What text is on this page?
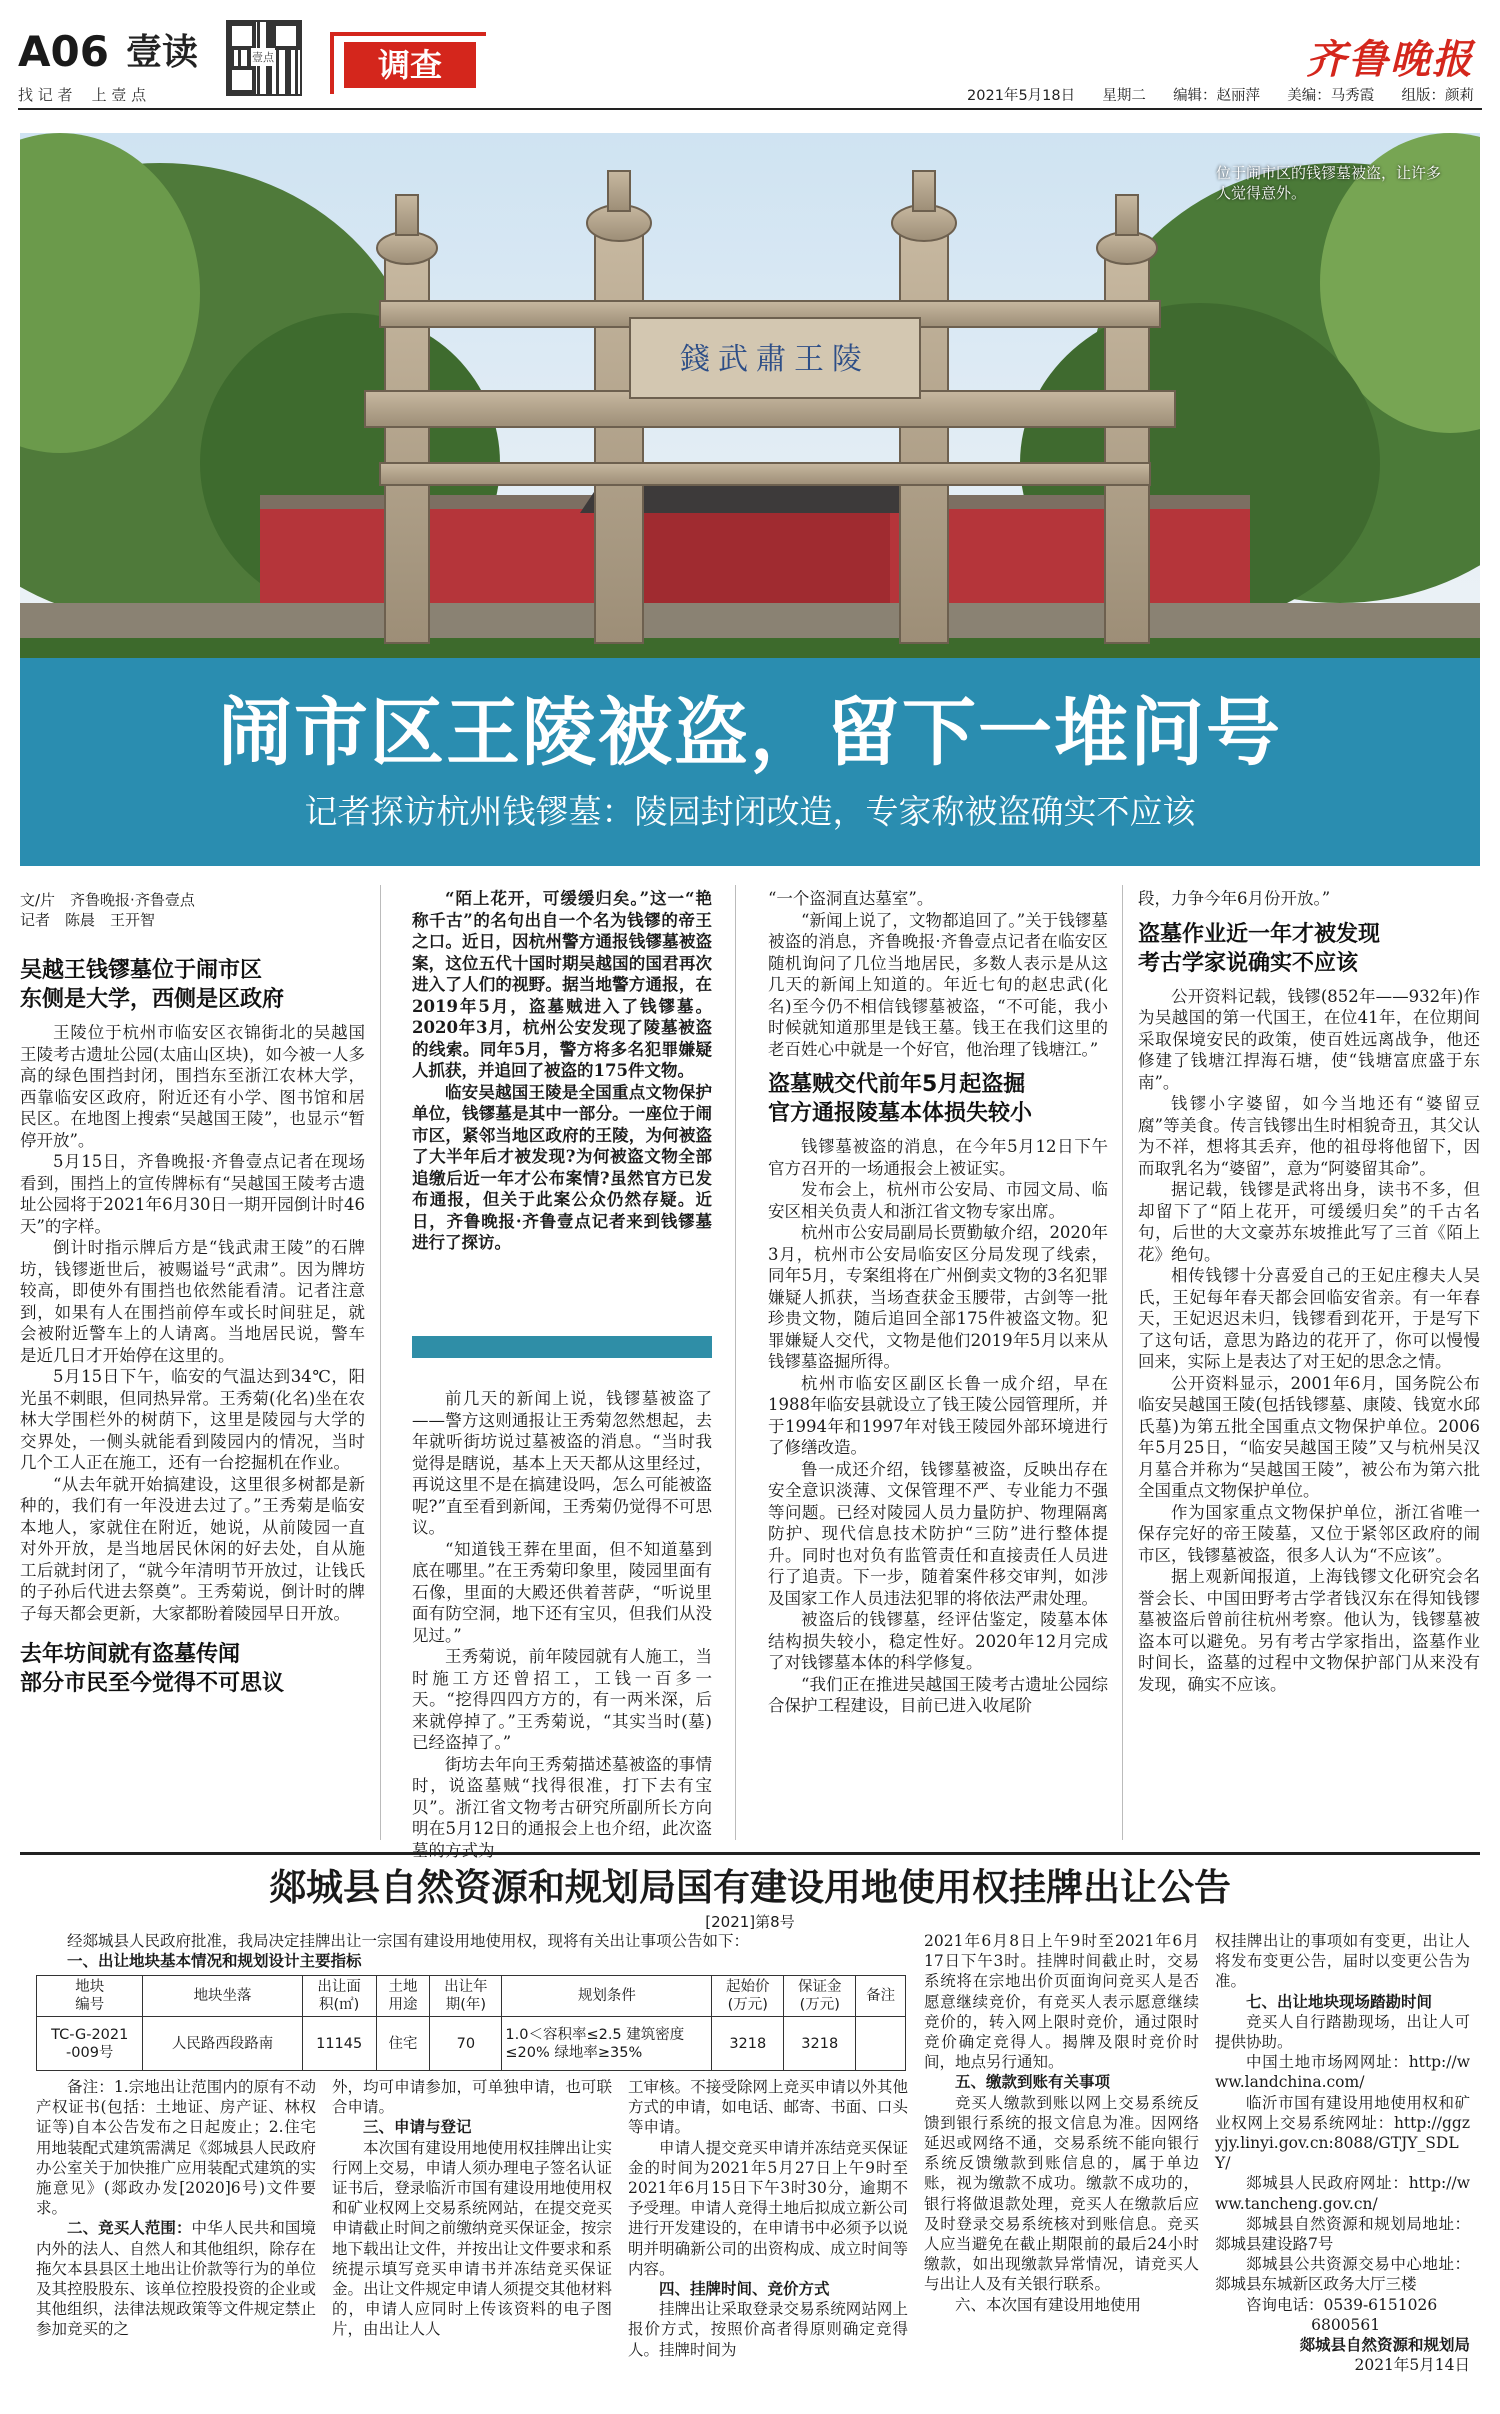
A06 壹读
找 记 者    上 壹 点
壹点	调查	齐鲁晚报
2021年5月18日 星期二 编辑：赵丽萍 美编：马秀霞 组版：颜莉
錢武肅王陵
位于闹市区的钱镠墓被盗，让许多人觉得意外。
闹市区王陵被盗，留下一堆问号
记者探访杭州钱镠墓：陵园封闭改造，专家称被盗确实不应该

文/片　齐鲁晚报·齐鲁壹点

记者　陈晨　王开智

吴越王钱镠墓位于闹市区
东侧是大学，西侧是区政府

王陵位于杭州市临安区衣锦街北的吴越国王陵考古遗址公园(太庙山区块)，如今被一人多高的绿色围挡封闭，围挡东至浙江农林大学，西靠临安区政府，附近还有小学、图书馆和居民区。在地图上搜索“吴越国王陵”，也显示“暂停开放”。

5月15日，齐鲁晚报·齐鲁壹点记者在现场看到，围挡上的宣传牌标有“吴越国王陵考古遗址公园将于2021年6月30日一期开园倒计时46天”的字样。

倒计时指示牌后方是“钱武肃王陵”的石牌坊，钱镠逝世后，被赐谥号“武肃”。因为牌坊较高，即使外有围挡也依然能看清。记者注意到，如果有人在围挡前停车或长时间驻足，就会被附近警车上的人请离。当地居民说，警车是近几日才开始停在这里的。

5月15日下午，临安的气温达到34℃，阳光虽不刺眼，但同热异常。王秀菊(化名)坐在农林大学围栏外的树荫下，这里是陵园与大学的交界处，一侧头就能看到陵园内的情况，当时几个工人正在施工，还有一台挖掘机在作业。

“从去年就开始搞建设，这里很多树都是新种的，我们有一年没进去过了。”王秀菊是临安本地人，家就住在附近，她说，从前陵园一直对外开放，是当地居民休闲的好去处，自从施工后就封闭了，“就今年清明节开放过，让钱氏的子孙后代进去祭奠”。王秀菊说，倒计时的牌子每天都会更新，大家都盼着陵园早日开放。

去年坊间就有盗墓传闻
部分市民至今觉得不可思议

“陌上花开，可缓缓归矣。”这一“艳称千古”的名句出自一个名为钱镠的帝王之口。近日，因杭州警方通报钱镠墓被盗案，这位五代十国时期吴越国的国君再次进入了人们的视野。据当地警方通报，在2019年5月，盗墓贼进入了钱镠墓。2020年3月，杭州公安发现了陵墓被盗的线索。同年5月，警方将多名犯罪嫌疑人抓获，并追回了被盗的175件文物。

临安吴越国王陵是全国重点文物保护单位，钱镠墓是其中一部分。一座位于闹市区，紧邻当地区政府的王陵，为何被盗了大半年后才被发现?为何被盗文物全部追缴后近一年才公布案情?虽然官方已发布通报，但关于此案公众仍然存疑。近日，齐鲁晚报·齐鲁壹点记者来到钱镠墓进行了探访。

前几天的新闻上说，钱镠墓被盗了——警方这则通报让王秀菊忽然想起，去年就听街坊说过墓被盗的消息。“当时我觉得是瞎说，基本上天天都从这里经过，再说这里不是在搞建设吗，怎么可能被盗呢?”直至看到新闻，王秀菊仍觉得不可思议。

“知道钱王葬在里面，但不知道墓到底在哪里。”在王秀菊印象里，陵园里面有石像，里面的大殿还供着菩萨，“听说里面有防空洞，地下还有宝贝，但我们从没见过。”

王秀菊说，前年陵园就有人施工，当时施工方还曾招工，工钱一百多一天。“挖得四四方方的，有一两米深，后来就停掉了。”王秀菊说，“其实当时(墓)已经盗掉了。”

街坊去年向王秀菊描述墓被盗的事情时，说盗墓贼“找得很准，打下去有宝贝”。浙江省文物考古研究所副所长方向明在5月12日的通报会上也介绍，此次盗墓的方式为

“一个盗洞直达墓室”。

“新闻上说了，文物都追回了。”关于钱镠墓被盗的消息，齐鲁晚报·齐鲁壹点记者在临安区随机询问了几位当地居民，多数人表示是从这几天的新闻上知道的。年近七旬的赵忠武(化名)至今仍不相信钱镠墓被盗，“不可能，我小时候就知道那里是钱王墓。钱王在我们这里的老百姓心中就是一个好官，他治理了钱塘江。”

盗墓贼交代前年5月起盗掘
官方通报陵墓本体损失较小

钱镠墓被盗的消息，在今年5月12日下午官方召开的一场通报会上被证实。

发布会上，杭州市公安局、市园文局、临安区相关负责人和浙江省文物专家出席。

杭州市公安局副局长贾勤敏介绍，2020年3月，杭州市公安局临安区分局发现了线索，同年5月，专案组将在广州倒卖文物的3名犯罪嫌疑人抓获，当场查获金玉腰带，古剑等一批珍贵文物，随后追回全部175件被盗文物。犯罪嫌疑人交代，文物是他们2019年5月以来从钱镠墓盗掘所得。

杭州市临安区副区长鲁一成介绍，早在1988年临安县就设立了钱王陵公园管理所，并于1994年和1997年对钱王陵园外部环境进行了修缮改造。

鲁一成还介绍，钱镠墓被盗，反映出存在安全意识淡薄、文保管理不严、专业能力不强等问题。已经对陵园人员力量防护、物理隔离防护、现代信息技术防护“三防”进行整体提升。同时也对负有监管责任和直接责任人员进行了追责。下一步，随着案件移交审判，如涉及国家工作人员违法犯罪的将依法严肃处理。

被盗后的钱镠墓，经评估鉴定，陵墓本体结构损失较小，稳定性好。2020年12月完成了对钱镠墓本体的科学修复。

“我们正在推进吴越国王陵考古遗址公园综合保护工程建设，目前已进入收尾阶

段，力争今年6月份开放。”

盗墓作业近一年才被发现
考古学家说确实不应该

公开资料记载，钱镠(852年——932年)作为吴越国的第一代国王，在位41年，在位期间采取保境安民的政策，使百姓远离战争，他还修建了钱塘江捍海石塘，使“钱塘富庶盛于东南”。

钱镠小字婆留，如今当地还有“婆留豆腐”等美食。传言钱镠出生时相貌奇丑，其父认为不祥，想将其丢弃，他的祖母将他留下，因而取乳名为“婆留”，意为“阿婆留其命”。

据记载，钱镠是武将出身，读书不多，但却留下了“陌上花开，可缓缓归矣”的千古名句，后世的大文豪苏东坡推此写了三首《陌上花》绝句。

相传钱镠十分喜爱自己的王妃庄穆夫人吴氏，王妃每年春天都会回临安省亲。有一年春天，王妃迟迟未归，钱镠看到花开，于是写下了这句话，意思为路边的花开了，你可以慢慢回来，实际上是表达了对王妃的思念之情。

公开资料显示，2001年6月，国务院公布临安吴越国王陵(包括钱镠墓、康陵、钱宽水邱氏墓)为第五批全国重点文物保护单位。2006年5月25日，“临安吴越国王陵”又与杭州吴汉月墓合并称为“吴越国王陵”，被公布为第六批全国重点文物保护单位。

作为国家重点文物保护单位，浙江省唯一保存完好的帝王陵墓，又位于紧邻区政府的闹市区，钱镠墓被盗，很多人认为“不应该”。

据上观新闻报道，上海钱镠文化研究会名誉会长、中国田野考古学者钱汉东在得知钱镠墓被盗后曾前往杭州考察。他认为，钱镠墓被盗本可以避免。另有考古学家指出，盗墓作业时间长，盗墓的过程中文物保护部门从来没有发现，确实不应该。

郯城县自然资源和规划局国有建设用地使用权挂牌出让公告
[2021]第8号

经郯城县人民政府批准，我局决定挂牌出让一宗国有建设用地使用权，现将有关出让事项公告如下：

一、出让地块基本情况和规划设计主要指标

地块
编号	地块坐落	出让面
积(㎡)	土地
用途	出让年
期(年)	规划条件	起始价
(万元)	保证金
(万元)	备注
TC-G-2021
-009号	人民路西段路南	11145	住宅	70	1.0＜容积率≤2.5 建筑密度≤20% 绿地率≥35%	3218	3218	

备注：1.宗地出让范围内的原有不动产权证书(包括：土地证、房产证、林权证等)自本公告发布之日起废止；2.住宅用地装配式建筑需满足《郯城县人民政府办公室关于加快推广应用装配式建筑的实施意见》(郯政办发[2020]6号)文件要求。

二、竞买人范围：中华人民共和国境内外的法人、自然人和其他组织，除存在拖欠本县县区土地出让价款等行为的单位及其控股股东、该单位控股投资的企业或其他组织，法律法规政策等文件规定禁止参加竞买的之

外，均可申请参加，可单独申请，也可联合申请。

三、申请与登记

本次国有建设用地使用权挂牌出让实行网上交易，申请人须办理电子签名认证证书后，登录临沂市国有建设用地使用权和矿业权网上交易系统网站，在提交竞买申请截止时间之前缴纳竞买保证金，按宗地下载出让文件，并按出让文件要求和系统提示填写竞买申请书并冻结竞买保证金。出让文件规定申请人须提交其他材料的，申请人应同时上传该资料的电子图片，由出让人人

工审核。不接受除网上竞买申请以外其他方式的申请，如电话、邮寄、书面、口头等申请。

申请人提交竞买申请并冻结竞买保证金的时间为2021年5月27日上午9时至2021年6月15日下午3时30分，逾期不予受理。申请人竞得土地后拟成立新公司进行开发建设的，在申请书中必须予以说明并明确新公司的出资构成、成立时间等内容。

四、挂牌时间、竞价方式

挂牌出让采取登录交易系统网站网上报价方式，按照价高者得原则确定竞得人。挂牌时间为

2021年6月8日上午9时至2021年6月17日下午3时。挂牌时间截止时，交易系统将在宗地出价页面询问竞买人是否愿意继续竞价，有竞买人表示愿意继续竞价的，转入网上限时竞价，通过限时竞价确定竞得人。揭牌及限时竞价时间，地点另行通知。

五、缴款到账有关事项

竞买人缴款到账以网上交易系统反馈到银行系统的报文信息为准。因网络延迟或网络不通，交易系统不能向银行系统反馈缴款到账信息的，属于单边账，视为缴款不成功。缴款不成功的，银行将做退款处理，竞买人在缴款后应及时登录交易系统核对到账信息。竞买人应当避免在截止期限前的最后24小时缴款，如出现缴款异常情况，请竞买人与出让人及有关银行联系。

六、本次国有建设用地使用

权挂牌出让的事项如有变更，出让人将发布变更公告，届时以变更公告为准。

七、出让地块现场踏勘时间

竞买人自行踏勘现场，出让人可提供协助。

中国土地市场网网址：http://www.landchina.com/

临沂市国有建设用地使用权和矿业权网上交易系统网址：http://ggzyjy.linyi.gov.cn:8088/GTJY_SDLY/

郯城县人民政府网址：http://www.tancheng.gov.cn/

郯城县自然资源和规划局地址：郯城县建设路7号

郯城县公共资源交易中心地址：郯城县东城新区政务大厅三楼

咨询电话：0539-6151026

6800561

郯城县自然资源和规划局

2021年5月14日
